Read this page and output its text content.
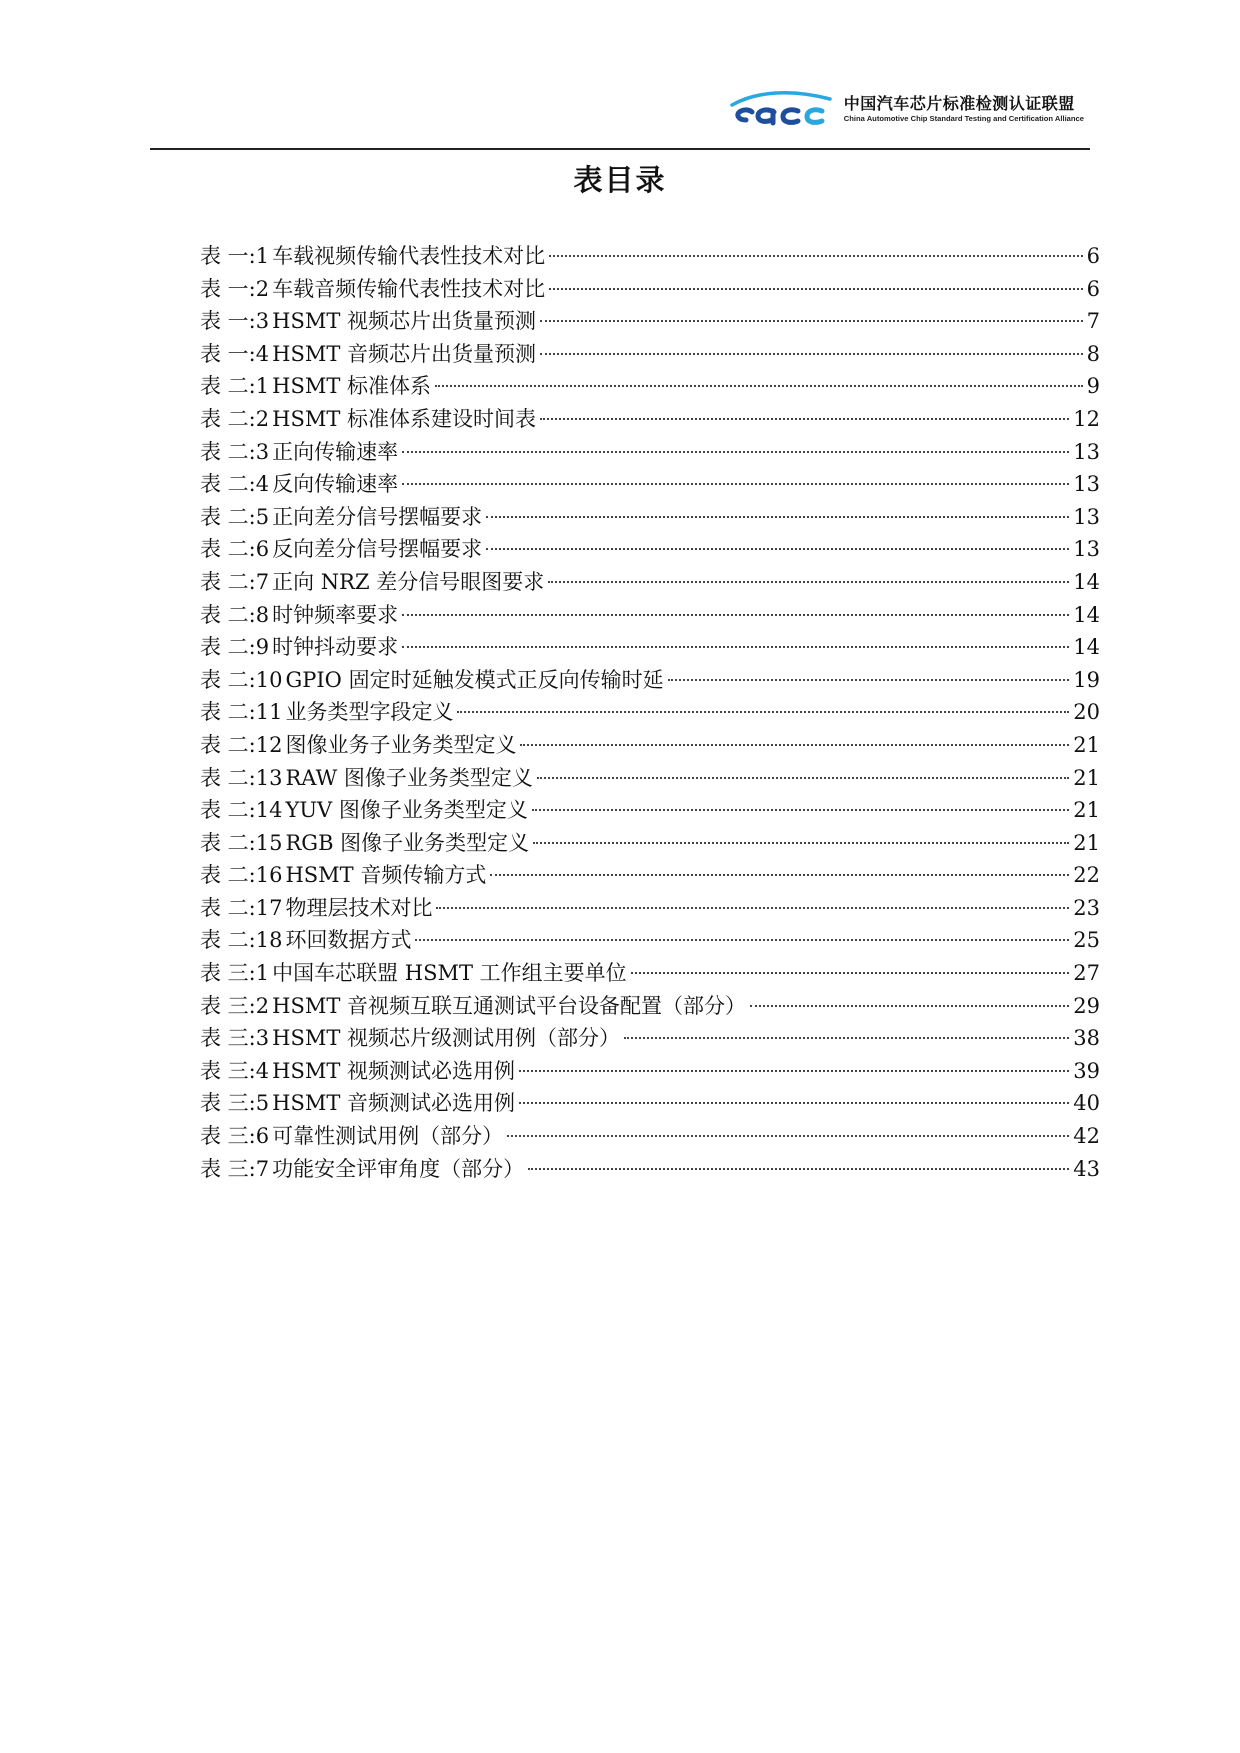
中国汽车芯片标准检测认证联盟
China Automotive Chip Standard Testing and Certification Alliance
表目录
表 一:1 车载视频传输代表性技术对比	6
表 一:2 车载音频传输代表性技术对比	6
表 一:3 HSMT 视频芯片出货量预测	7
表 一:4 HSMT 音频芯片出货量预测	8
表 二:1 HSMT 标准体系	9
表 二:2 HSMT 标准体系建设时间表	12
表 二:3 正向传输速率	13
表 二:4 反向传输速率	13
表 二:5 正向差分信号摆幅要求	13
表 二:6 反向差分信号摆幅要求	13
表 二:7 正向 NRZ 差分信号眼图要求	14
表 二:8 时钟频率要求	14
表 二:9 时钟抖动要求	14
表 二:10 GPIO 固定时延触发模式正反向传输时延	19
表 二:11 业务类型字段定义	20
表 二:12 图像业务子业务类型定义	21
表 二:13 RAW 图像子业务类型定义	21
表 二:14 YUV 图像子业务类型定义	21
表 二:15 RGB 图像子业务类型定义	21
表 二:16 HSMT 音频传输方式	22
表 二:17 物理层技术对比	23
表 二:18 环回数据方式	25
表 三:1 中国车芯联盟 HSMT 工作组主要单位	27
表 三:2 HSMT 音视频互联互通测试平台设备配置（部分）	29
表 三:3 HSMT 视频芯片级测试用例（部分）	38
表 三:4 HSMT 视频测试必选用例	39
表 三:5 HSMT 音频测试必选用例	40
表 三:6 可靠性测试用例（部分）	42
表 三:7 功能安全评审角度（部分）	43
